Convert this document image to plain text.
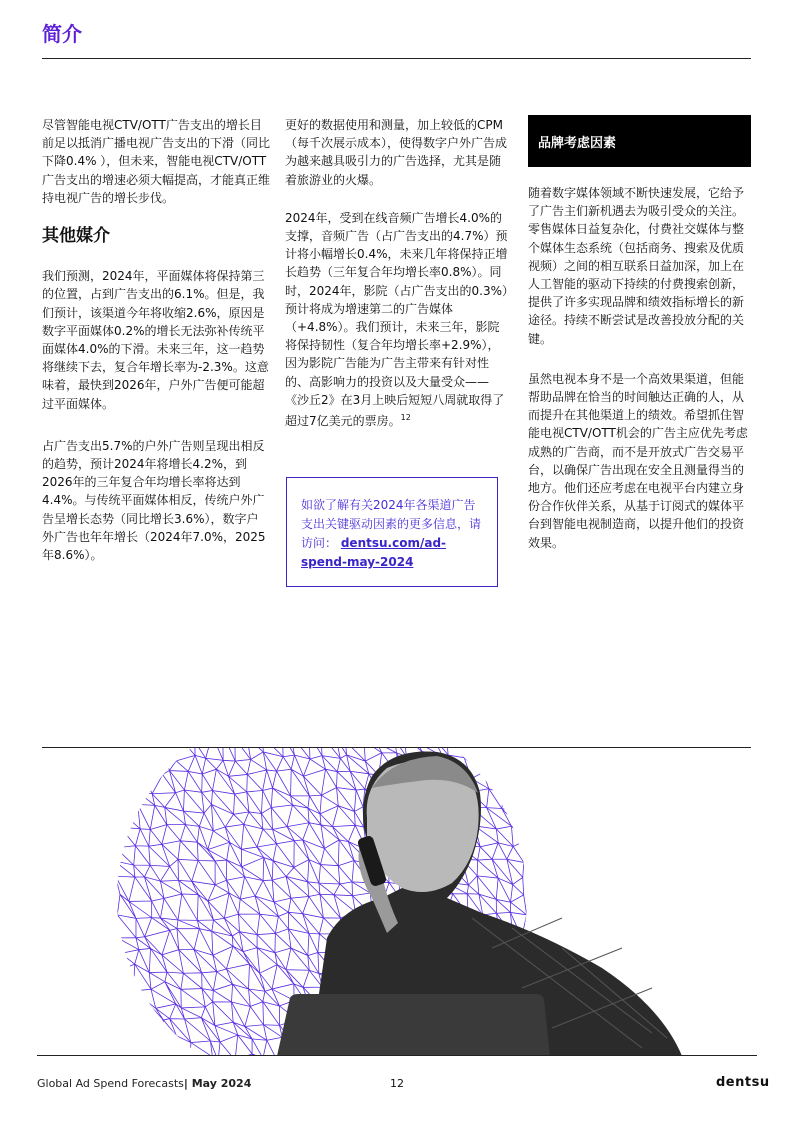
简介

尽管智能电视CTV/OTT广告支出的增长目前足以抵消广播电视广告支出的下滑（同比下降0.4% ），但未来，智能电视CTV/OTT广告支出的增速必须大幅提高，才能真正维持电视广告的增长步伐。

其他媒介

我们预测，2024年，平面媒体将保持第三的位置，占到广告支出的6.1%。但是，我们预计，该渠道今年将收缩2.6%，原因是数字平面媒体0.2%的增长无法弥补传统平面媒体4.0%的下滑。未来三年，这一趋势将继续下去，复合年增长率为-2.3%。这意味着，最快到2026年，户外广告便可能超过平面媒体。

占广告支出5.7%的户外广告则呈现出相反的趋势，预计2024年将增长4.2%，到2026年的三年复合年均增长率将达到4.4%。与传统平面媒体相反，传统户外广告呈增长态势（同比增长3.6%），数字户外广告也年年增长（2024年7.0%，2025年8.6%）。

更好的数据使用和测量，加上较低的CPM（每千次展示成本），使得数字户外广告成为越来越具吸引力的广告选择，尤其是随着旅游业的火爆。

2024年，受到在线音频广告增长4.0%的支撑，音频广告（占广告支出的4.7%）预计将小幅增长0.4%，未来几年将保持正增长趋势（三年复合年均增长率0.8%）。同时，2024年，影院（占广告支出的0.3%）预计将成为增速第二的广告媒体（+4.8%）。我们预计，未来三年，影院将保持韧性（复合年均增长率+2.9%），因为影院广告能为广告主带来有针对性的、高影响力的投资以及大量受众——《沙丘2》在3月上映后短短八周就取得了超过7亿美元的票房。$^{12}$

如欲了解有关2024年各渠道广告支出关键驱动因素的更多信息，请访问： dentsu.com/ad-spend-may-2024
品牌考虑因素

随着数字媒体领域不断快速发展，它给予了广告主们新机遇去为吸引受众的关注。零售媒体日益复杂化，付费社交媒体与整个媒体生态系统（包括商务、搜索及优质视频）之间的相互联系日益加深，加上在人工智能的驱动下持续的付费搜索创新，提供了许多实现品牌和绩效指标增长的新途径。持续不断尝试是改善投放分配的关键。

虽然电视本身不是一个高效果渠道，但能帮助品牌在恰当的时间触达正确的人，从而提升在其他渠道上的绩效。希望抓住智能电视CTV/OTT机会的广告主应优先考虑成熟的广告商，而不是开放式广告交易平台，以确保广告出现在安全且测量得当的地方。他们还应考虑在电视平台内建立身份合作伙伴关系，从基于订阅式的媒体平台到智能电视制造商，以提升他们的投资效果。

Global Ad Spend Forecasts| May 2024	12	dentsu
